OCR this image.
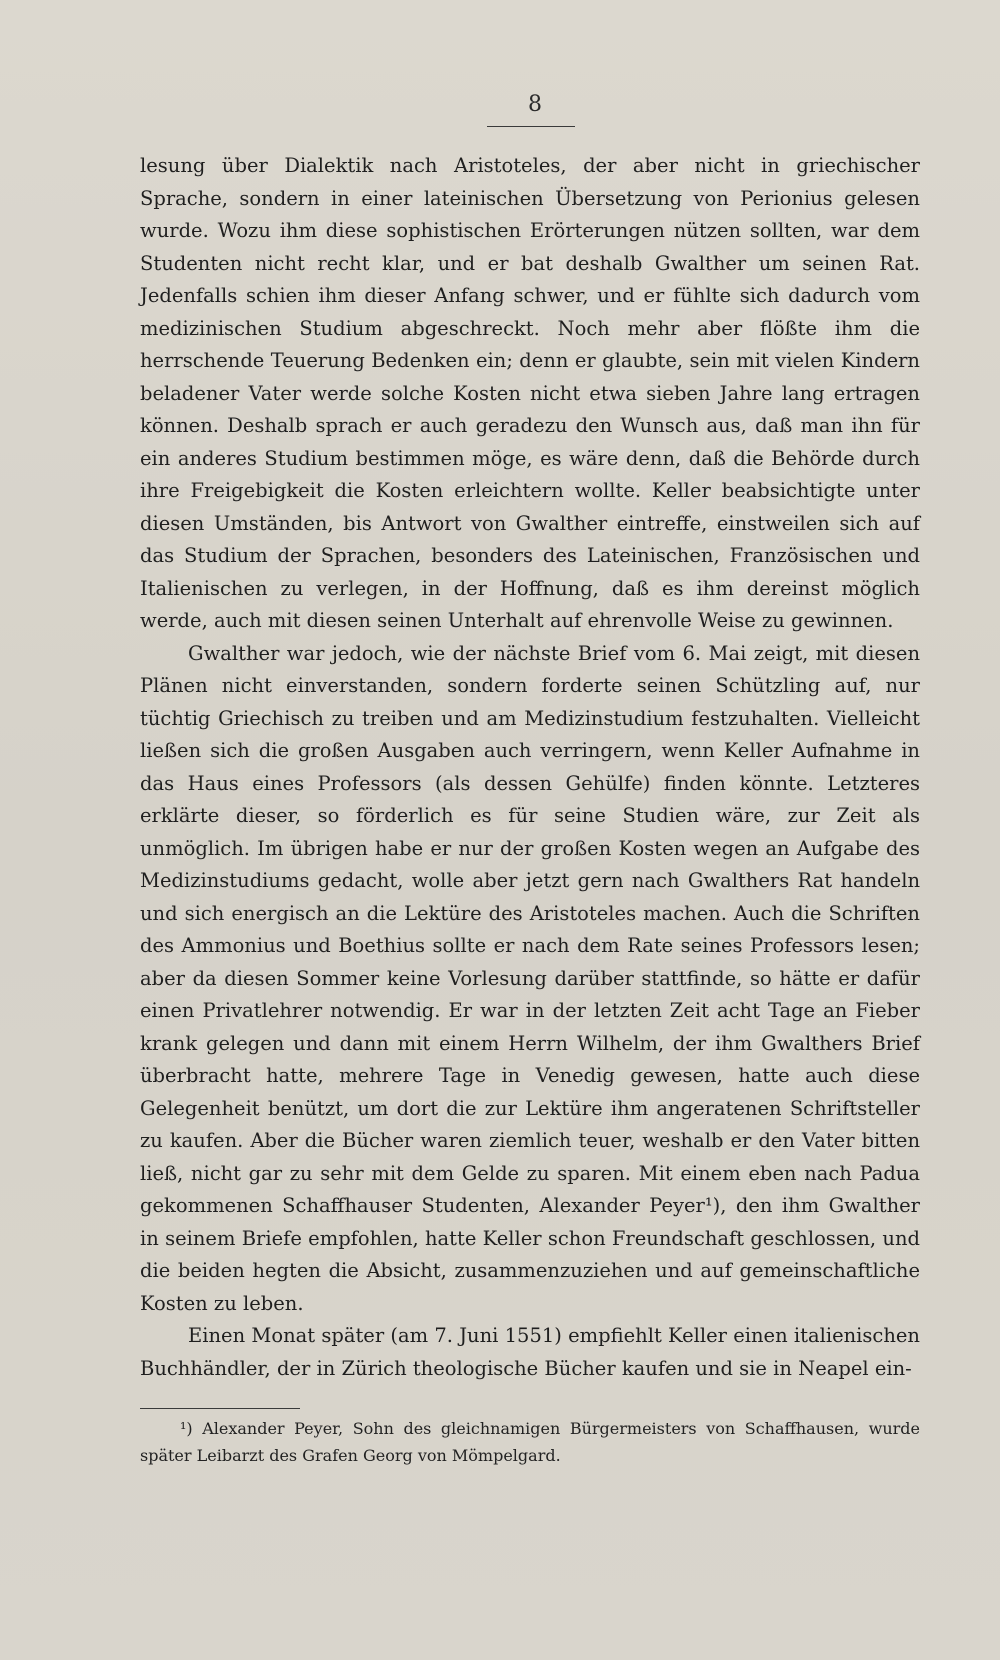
8

lesung über Dialektik nach Aristoteles, der aber nicht in griechischer Sprache, sondern in einer lateinischen Übersetzung von Perionius gelesen wurde. Wozu ihm diese sophistischen Erörterungen nützen sollten, war dem Studenten nicht recht klar, und er bat deshalb Gwalther um seinen Rat. Jedenfalls schien ihm dieser Anfang schwer, und er fühlte sich dadurch vom medizinischen Studium abgeschreckt. Noch mehr aber flößte ihm die herrschende Teuerung Bedenken ein; denn er glaubte, sein mit vielen Kindern beladener Vater werde solche Kosten nicht etwa sieben Jahre lang ertragen können. Deshalb sprach er auch geradezu den Wunsch aus, daß man ihn für ein anderes Studium bestimmen möge, es wäre denn, daß die Behörde durch ihre Freigebigkeit die Kosten erleichtern wollte. Keller beabsichtigte unter diesen Umständen, bis Antwort von Gwalther eintreffe, einstweilen sich auf das Studium der Sprachen, besonders des Lateinischen, Französischen und Italienischen zu verlegen, in der Hoffnung, daß es ihm dereinst möglich werde, auch mit diesen seinen Unterhalt auf ehrenvolle Weise zu gewinnen.

Gwalther war jedoch, wie der nächste Brief vom 6. Mai zeigt, mit diesen Plänen nicht einverstanden, sondern forderte seinen Schützling auf, nur tüchtig Griechisch zu treiben und am Medizinstudium festzuhalten. Vielleicht ließen sich die großen Ausgaben auch verringern, wenn Keller Aufnahme in das Haus eines Professors (als dessen Gehülfe) finden könnte. Letzteres erklärte dieser, so förderlich es für seine Studien wäre, zur Zeit als unmöglich. Im übrigen habe er nur der großen Kosten wegen an Aufgabe des Medizinstudiums gedacht, wolle aber jetzt gern nach Gwalthers Rat handeln und sich energisch an die Lektüre des Aristoteles machen. Auch die Schriften des Ammonius und Boethius sollte er nach dem Rate seines Professors lesen; aber da diesen Sommer keine Vorlesung darüber stattfinde, so hätte er dafür einen Privatlehrer notwendig. Er war in der letzten Zeit acht Tage an Fieber krank gelegen und dann mit einem Herrn Wilhelm, der ihm Gwalthers Brief überbracht hatte, mehrere Tage in Venedig gewesen, hatte auch diese Gelegenheit benützt, um dort die zur Lektüre ihm angeratenen Schriftsteller zu kaufen. Aber die Bücher waren ziemlich teuer, weshalb er den Vater bitten ließ, nicht gar zu sehr mit dem Gelde zu sparen. Mit einem eben nach Padua gekommenen Schaffhauser Studenten, Alexander Peyer¹), den ihm Gwalther in seinem Briefe empfohlen, hatte Keller schon Freundschaft geschlossen, und die beiden hegten die Absicht, zusammenzuziehen und auf gemeinschaftliche Kosten zu leben.

Einen Monat später (am 7. Juni 1551) empfiehlt Keller einen italienischen Buchhändler, der in Zürich theologische Bücher kaufen und sie in Neapel ein-

¹) Alexander Peyer, Sohn des gleichnamigen Bürgermeisters von Schaffhausen, wurde später Leibarzt des Grafen Georg von Mömpelgard.
